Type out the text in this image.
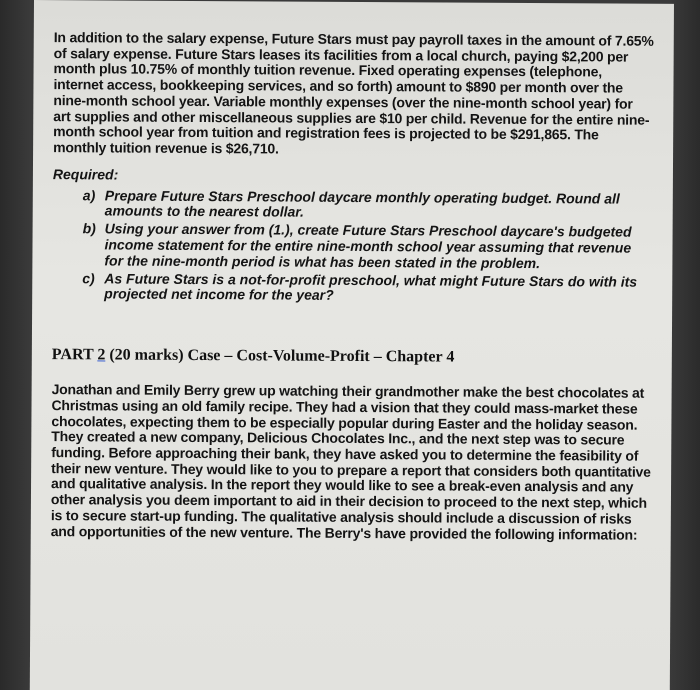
In addition to the salary expense, Future Stars must pay payroll taxes in the amount of 7.65% of salary expense. Future Stars leases its facilities from a local church, paying $2,200 per month plus 10.75% of monthly tuition revenue. Fixed operating expenses (telephone, internet access, bookkeeping services, and so forth) amount to $890 per month over the nine-month school year. Variable monthly expenses (over the nine-month school year) for art supplies and other miscellaneous supplies are $10 per child. Revenue for the entire nine-month school year from tuition and registration fees is projected to be $291,865. The monthly tuition revenue is $26,710.

Required:
a) Prepare Future Stars Preschool daycare monthly operating budget. Round all amounts to the nearest dollar.
b) Using your answer from (1.), create Future Stars Preschool daycare's budgeted income statement for the entire nine-month school year assuming that revenue for the nine-month period is what has been stated in the problem.
c) As Future Stars is a not-for-profit preschool, what might Future Stars do with its projected net income for the year?
PART 2 (20 marks) Case – Cost-Volume-Profit – Chapter 4

Jonathan and Emily Berry grew up watching their grandmother make the best chocolates at Christmas using an old family recipe. They had a vision that they could mass-market these chocolates, expecting them to be especially popular during Easter and the holiday season. They created a new company, Delicious Chocolates Inc., and the next step was to secure funding. Before approaching their bank, they have asked you to determine the feasibility of their new venture. They would like to you to prepare a report that considers both quantitative and qualitative analysis. In the report they would like to see a break-even analysis and any other analysis you deem important to aid in their decision to proceed to the next step, which is to secure start-up funding. The qualitative analysis should include a discussion of risks and opportunities of the new venture. The Berry's have provided the following information:
